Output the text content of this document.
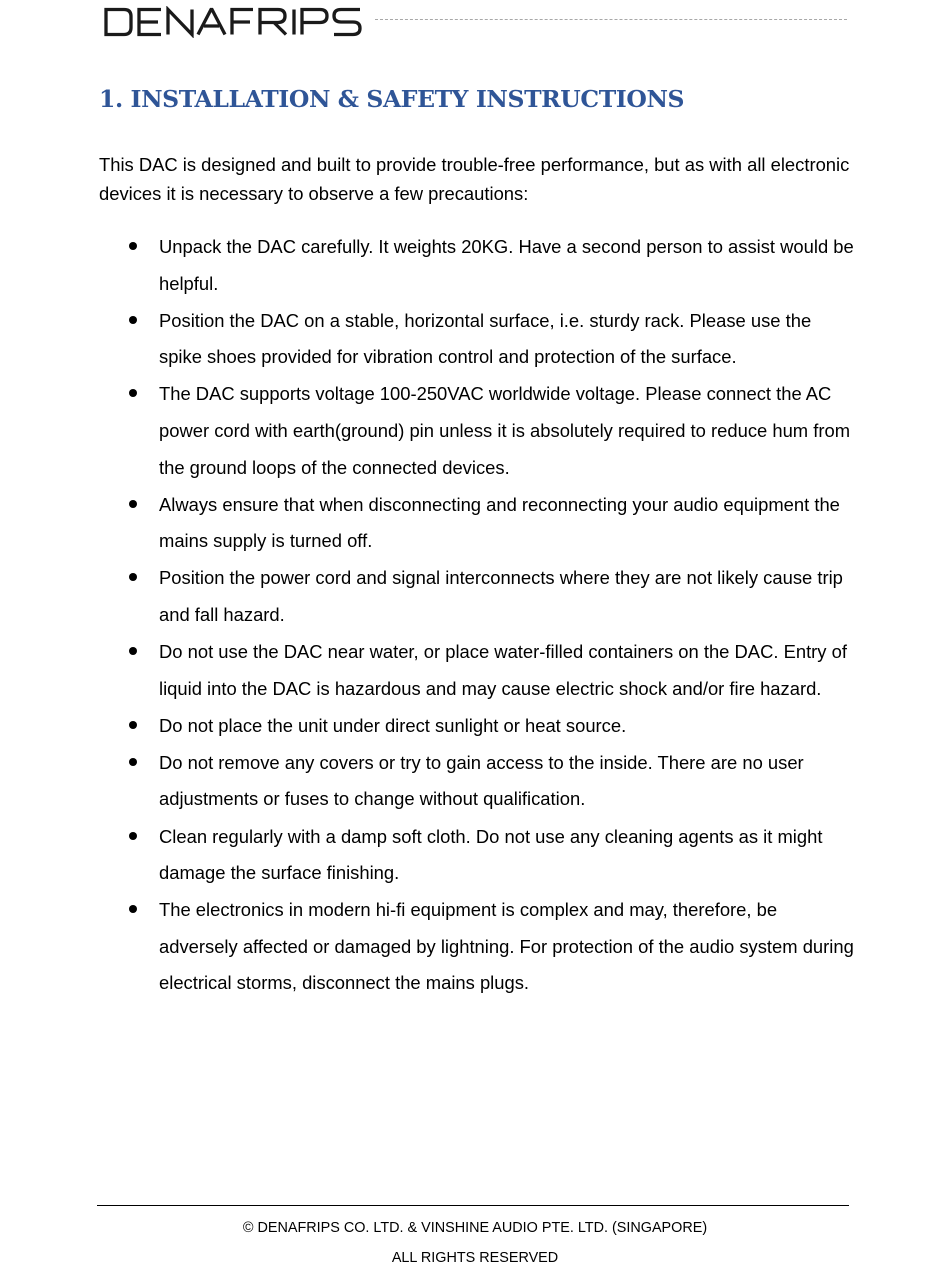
1. INSTALLATION & SAFETY INSTRUCTIONS

This DAC is designed and built to provide trouble-free performance, but as with all electronic devices it is necessary to observe a few precautions:

Unpack the DAC carefully. It weights 20KG. Have a second person to assist would be helpful.
Position the DAC on a stable, horizontal surface, i.e. sturdy rack. Please use the spike shoes provided for vibration control and protection of the surface.
The DAC supports voltage 100-250VAC worldwide voltage. Please connect the AC power cord with earth(ground) pin unless it is absolutely required to reduce hum from the ground loops of the connected devices.
Always ensure that when disconnecting and reconnecting your audio equipment the mains supply is turned off.
Position the power cord and signal interconnects where they are not likely cause trip and fall hazard.
Do not use the DAC near water, or place water-filled containers on the DAC. Entry of liquid into the DAC is hazardous and may cause electric shock and/or fire hazard.
Do not place the unit under direct sunlight or heat source.
Do not remove any covers or try to gain access to the inside. There are no user adjustments or fuses to change without qualification.
Clean regularly with a damp soft cloth. Do not use any cleaning agents as it might damage the surface finishing.
The electronics in modern hi-fi equipment is complex and may, therefore, be adversely affected or damaged by lightning. For protection of the audio system during electrical storms, disconnect the mains plugs.
© DENAFRIPS CO. LTD. & VINSHINE AUDIO PTE. LTD. (SINGAPORE)
ALL RIGHTS RESERVED
